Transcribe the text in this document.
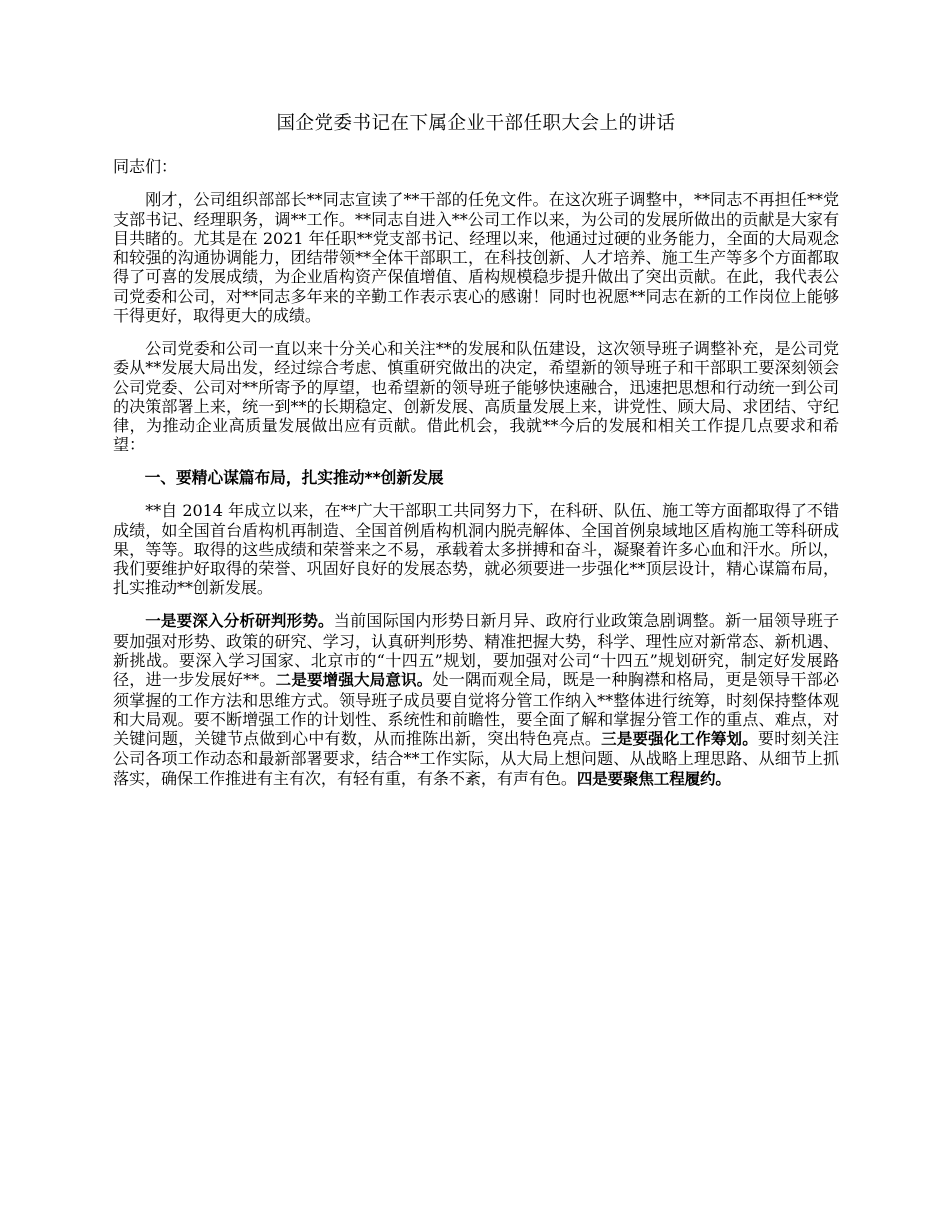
国企党委书记在下属企业干部任职大会上的讲话

同志们：

刚才，公司组织部部长**同志宣读了**干部的任免文件。在这次班子调整中，**同志不再担任**党支部书记、经理职务，调**工作。**同志自进入**公司工作以来，为公司的发展所做出的贡献是大家有目共睹的。尤其是在 2021 年任职**党支部书记、经理以来，他通过过硬的业务能力，全面的大局观念和较强的沟通协调能力，团结带领**全体干部职工，在科技创新、人才培养、施工生产等多个方面都取得了可喜的发展成绩，为企业盾构资产保值增值、盾构规模稳步提升做出了突出贡献。在此，我代表公司党委和公司，对**同志多年来的辛勤工作表示衷心的感谢！同时也祝愿**同志在新的工作岗位上能够干得更好，取得更大的成绩。

公司党委和公司一直以来十分关心和关注**的发展和队伍建设，这次领导班子调整补充，是公司党委从**发展大局出发，经过综合考虑、慎重研究做出的决定，希望新的领导班子和干部职工要深刻领会公司党委、公司对**所寄予的厚望，也希望新的领导班子能够快速融合，迅速把思想和行动统一到公司的决策部署上来，统一到**的长期稳定、创新发展、高质量发展上来，讲党性、顾大局、求团结、守纪律，为推动企业高质量发展做出应有贡献。借此机会，我就**今后的发展和相关工作提几点要求和希望：

一、要精心谋篇布局，扎实推动**创新发展

**自 2014 年成立以来，在**广大干部职工共同努力下，在科研、队伍、施工等方面都取得了不错成绩，如全国首台盾构机再制造、全国首例盾构机洞内脱壳解体、全国首例泉域地区盾构施工等科研成果，等等。取得的这些成绩和荣誉来之不易，承载着太多拼搏和奋斗，凝聚着许多心血和汗水。所以，我们要维护好取得的荣誉、巩固好良好的发展态势，就必须要进一步强化**顶层设计，精心谋篇布局，扎实推动**创新发展。

一是要深入分析研判形势。当前国际国内形势日新月异、政府行业政策急剧调整。新一届领导班子要加强对形势、政策的研究、学习，认真研判形势、精准把握大势，科学、理性应对新常态、新机遇、新挑战。要深入学习国家、北京市的“十四五”规划，要加强对公司“十四五”规划研究，制定好发展路径，进一步发展好**。二是要增强大局意识。处一隅而观全局，既是一种胸襟和格局，更是领导干部必须掌握的工作方法和思维方式。领导班子成员要自觉将分管工作纳入**整体进行统筹，时刻保持整体观和大局观。要不断增强工作的计划性、系统性和前瞻性，要全面了解和掌握分管工作的重点、难点，对关键问题，关键节点做到心中有数，从而推陈出新，突出特色亮点。三是要强化工作筹划。要时刻关注公司各项工作动态和最新部署要求，结合**工作实际，从大局上想问题、从战略上理思路、从细节上抓落实，确保工作推进有主有次，有轻有重，有条不紊，有声有色。四是要聚焦工程履约。
